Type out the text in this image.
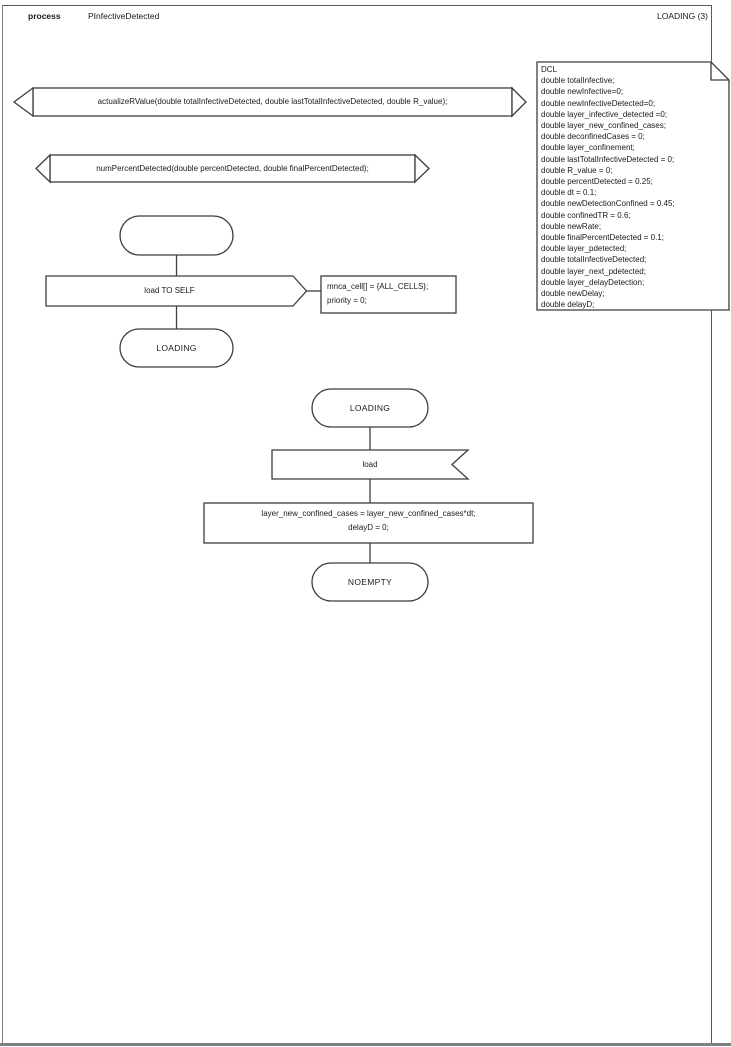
process	PInfectiveDetected	LOADING (3)
actualizeRValue(double totalInfectiveDetected, double lastTotalInfectiveDetected, double R_value);
numPercentDetected(double percentDetected, double finalPercentDetected);
DCL
double totalInfective;
double newInfective=0;
double newInfectiveDetected=0;
double layer_infective_detected =0;
double layer_new_confined_cases;
double deconfinedCases = 0;
double layer_confinement;
double lastTotalInfectiveDetected = 0;
double R_value = 0;
double percentDetected = 0.25;
double dt = 0.1;
double newDetectionConfined = 0.45;
double confinedTR = 0.6;
double newRate;
double finalPercentDetected = 0.1;
double layer_pdetected;
double totalInfectiveDetected;
double layer_next_pdetected;
double layer_delayDetection;
double newDelay;
double delayD;
load TO SELF	mnca_cell[] = {ALL_CELLS};
priority = 0;
LOADING
LOADING
load
layer_new_confined_cases = layer_new_confined_cases*dt;
delayD = 0;
NOEMPTY
